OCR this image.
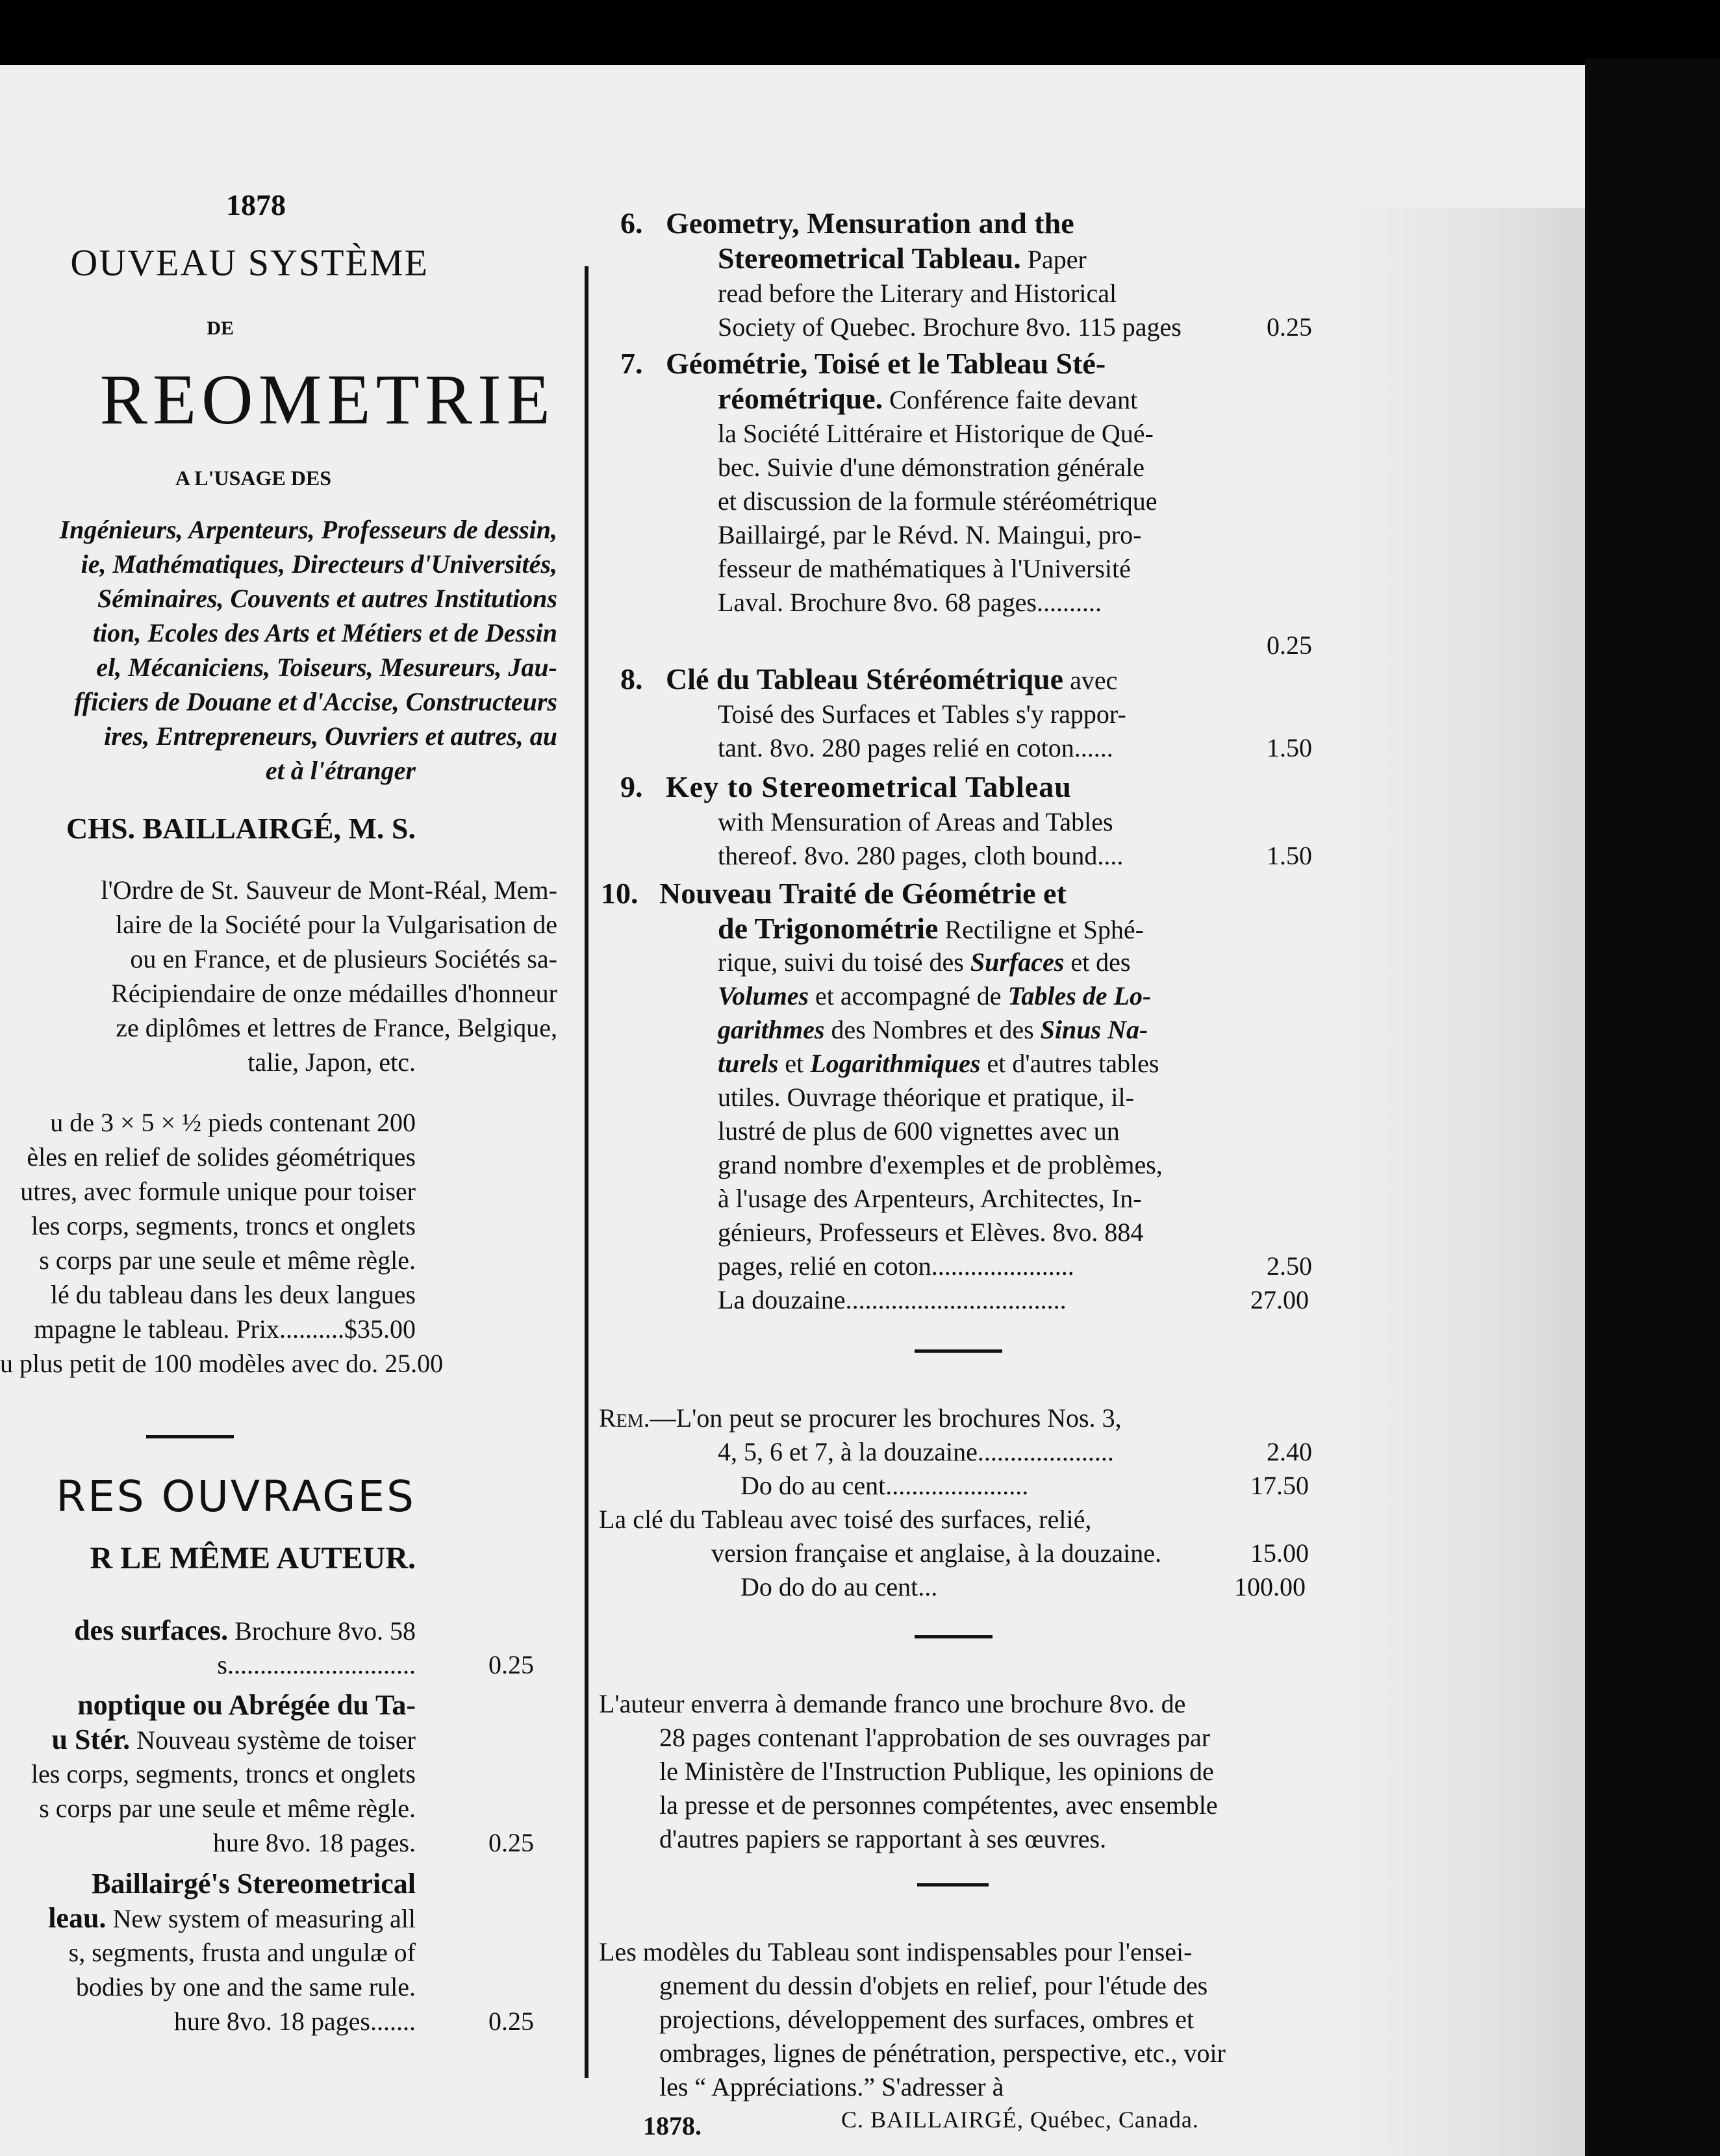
1878
OUVEAU SYSTÈME
DE
REOMETRIE
A L'USAGE DES
Ingénieurs, Arpenteurs, Professeurs de dessin,
ie, Mathématiques, Directeurs d'Universités,
Séminaires, Couvents et autres Institutions
tion, Ecoles des Arts et Métiers et de Dessin
el, Mécaniciens, Toiseurs, Mesureurs, Jau-
fficiers de Douane et d'Accise, Constructeurs
ires, Entrepreneurs, Ouvriers et autres, au
et à l'étranger
CHS. BAILLAIRGÉ, M. S.
l'Ordre de St. Sauveur de Mont-Réal, Mem-
laire de la Société pour la Vulgarisation de
ou en France, et de plusieurs Sociétés sa-
Récipiendaire de onze médailles d'honneur
ze diplômes et lettres de France, Belgique,
talie, Japon, etc.
u de 3 × 5 × ½ pieds contenant 200
èles en relief de solides géométriques
utres, avec formule unique pour toiser
les corps, segments, troncs et onglets
s corps par une seule et même règle.
lé du tableau dans les deux langues
mpagne le tableau. Prix..........$35.00
u plus petit de 100 modèles avec do. 25.00
RES OUVRAGES
R LE MÊME AUTEUR.
des surfaces. Brochure 8vo. 58
s.............................	0.25
noptique ou Abrégée du Ta-
u Stér. Nouveau système de toiser
les corps, segments, troncs et onglets
s corps par une seule et même règle.
hure 8vo. 18 pages.	0.25
Baillairgé's Stereometrical
leau. New system of measuring all
s, segments, frusta and ungulæ of
bodies by one and the same rule.
hure 8vo. 18 pages.......	0.25
6. Geometry, Mensuration and the
Stereometrical Tableau. Paper
read before the Literary and Historical
Society of Quebec. Brochure 8vo. 115 pages	0.25
7. Géométrie, Toisé et le Tableau Sté-
réométrique. Conférence faite devant
la Société Littéraire et Historique de Qué-
bec. Suivie d'une démonstration générale
et discussion de la formule stéréométrique
Baillairgé, par le Révd. N. Maingui, pro-
fesseur de mathématiques à l'Université
Laval. Brochure 8vo. 68 pages..........
0.25
8. Clé du Tableau Stéréométrique avec
Toisé des Surfaces et Tables s'y rappor-
tant. 8vo. 280 pages relié en coton......	1.50
9. Key to Stereometrical Tableau
with Mensuration of Areas and Tables
thereof. 8vo. 280 pages, cloth bound....	1.50
10. Nouveau Traité de Géométrie et
de Trigonométrie Rectiligne et Sphé-
rique, suivi du toisé des Surfaces et des
Volumes et accompagné de Tables de Lo-
garithmes des Nombres et des Sinus Na-
turels et Logarithmiques et d'autres tables
utiles. Ouvrage théorique et pratique, il-
lustré de plus de 600 vignettes avec un
grand nombre d'exemples et de problèmes,
à l'usage des Arpenteurs, Architectes, In-
génieurs, Professeurs et Elèves. 8vo. 884
pages, relié en coton......................	2.50
La douzaine..................................	27.00
Rem.—L'on peut se procurer les brochures Nos. 3,
4, 5, 6 et 7, à la douzaine.....................	2.40
Do do au cent......................	17.50
La clé du Tableau avec toisé des surfaces, relié,
version française et anglaise, à la douzaine.	15.00
Do do do au cent...	100.00
L'auteur enverra à demande franco une brochure 8vo. de
28 pages contenant l'approbation de ses ouvrages par
le Ministère de l'Instruction Publique, les opinions de
la presse et de personnes compétentes, avec ensemble
d'autres papiers se rapportant à ses œuvres.
Les modèles du Tableau sont indispensables pour l'ensei-
gnement du dessin d'objets en relief, pour l'étude des
projections, développement des surfaces, ombres et
ombrages, lignes de pénétration, perspective, etc., voir
les “ Appréciations.” S'adresser à
C. BAILLAIRGÉ, Québec, Canada.
1878.
